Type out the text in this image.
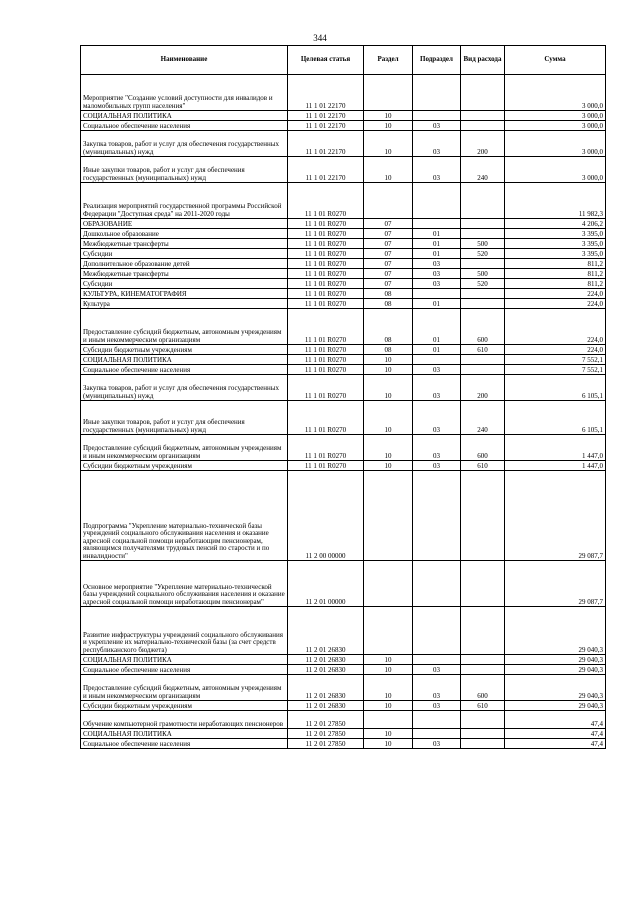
344
Наименование	Целевая статья	Раздел	Подраздел	Вид расхода	Сумма
Мероприятие "Создание условий доступности для инвалидов и маломобильных групп населения"	11 1 01 22170				3 000,0
СОЦИАЛЬНАЯ ПОЛИТИКА	11 1 01 22170	10			3 000,0
Социальное обеспечение населения	11 1 01 22170	10	03		3 000,0
Закупка товаров, работ и услуг для обеспечения государственных (муниципальных) нужд	11 1 01 22170	10	03	200	3 000,0
Иные закупки товаров, работ и услуг для обеспечения государственных (муниципальных) нужд	11 1 01 22170	10	03	240	3 000,0
Реализация мероприятий государственной программы Российской Федерации "Доступная среда" на 2011-2020 годы	11 1 01 R0270				11 982,3
ОБРАЗОВАНИЕ	11 1 01 R0270	07			4 206,2
Дошкольное образование	11 1 01 R0270	07	01		3 395,0
Межбюджетные трансферты	11 1 01 R0270	07	01	500	3 395,0
Субсидии	11 1 01 R0270	07	01	520	3 395,0
Дополнительное образование детей	11 1 01 R0270	07	03		811,2
Межбюджетные трансферты	11 1 01 R0270	07	03	500	811,2
Субсидии	11 1 01 R0270	07	03	520	811,2
КУЛЬТУРА, КИНЕМАТОГРАФИЯ	11 1 01 R0270	08			224,0
Культура	11 1 01 R0270	08	01		224,0
Предоставление субсидий бюджетным, автономным учреждениям и иным некоммерческим организациям	11 1 01 R0270	08	01	600	224,0
Субсидии бюджетным учреждениям	11 1 01 R0270	08	01	610	224,0
СОЦИАЛЬНАЯ ПОЛИТИКА	11 1 01 R0270	10			7 552,1
Социальное обеспечение населения	11 1 01 R0270	10	03		7 552,1
Закупка товаров, работ и услуг для обеспечения государственных (муниципальных) нужд	11 1 01 R0270	10	03	200	6 105,1
Иные закупки товаров, работ и услуг для обеспечения государственных (муниципальных) нужд	11 1 01 R0270	10	03	240	6 105,1
Предоставление субсидий бюджетным, автономным учреждениям и иным некоммерческим организациям	11 1 01 R0270	10	03	600	1 447,0
Субсидии бюджетным учреждениям	11 1 01 R0270	10	03	610	1 447,0
Подпрограмма "Укрепление материально-технической базы учреждений социального обслуживания населения и оказание адресной социальной помощи неработающим пенсионерам, являющимся получателями трудовых пенсий по старости и по инвалидности"	11 2 00 00000				29 087,7
Основное мероприятие "Укрепление материально-технической базы учреждений социального обслуживания населения и оказание адресной социальной помощи неработающим пенсионерам"	11 2 01 00000				29 087,7
Развитие инфраструктуры учреждений социального обслуживания и укрепление их материально-технической базы (за счет средств республиканского бюджета)	11 2 01 26830				29 040,3
СОЦИАЛЬНАЯ ПОЛИТИКА	11 2 01 26830	10			29 040,3
Социальное обеспечение населения	11 2 01 26830	10	03		29 040,3
Предоставление субсидий бюджетным, автономным учреждениям и иным некоммерческим организациям	11 2 01 26830	10	03	600	29 040,3
Субсидии бюджетным учреждениям	11 2 01 26830	10	03	610	29 040,3
Обучение компьютерной грамотности неработающих пенсионеров	11 2 01 27850				47,4
СОЦИАЛЬНАЯ ПОЛИТИКА	11 2 01 27850	10			47,4
Социальное обеспечение населения	11 2 01 27850	10	03		47,4
